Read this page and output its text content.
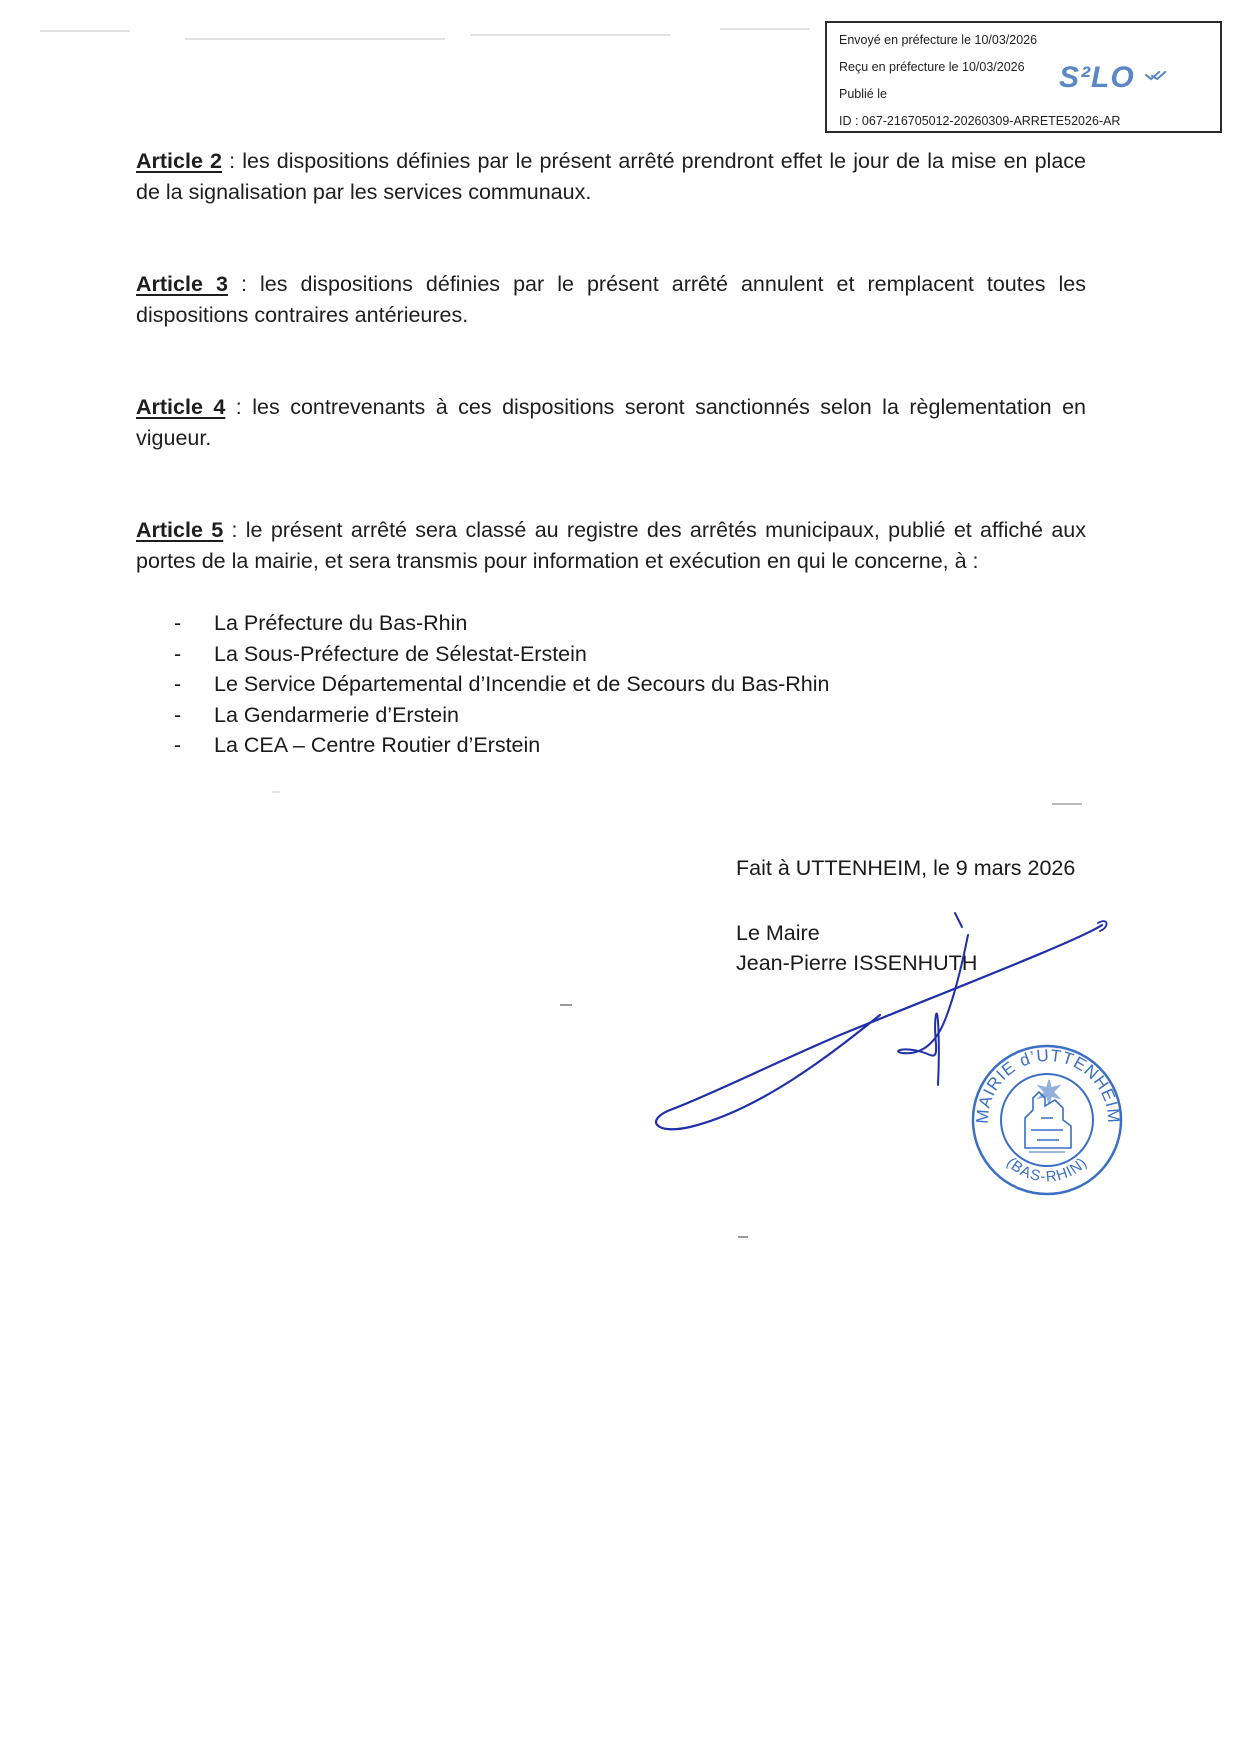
Envoyé en préfecture le 10/03/2026
Reçu en préfecture le 10/03/2026
Publié le
ID : 067-216705012-20260309-ARRETE52026-AR
S²LO

Article 2 : les dispositions définies par le présent arrêté prendront effet le jour de la mise en place de la signalisation par les services communaux.

Article 3 : les dispositions définies par le présent arrêté annulent et remplacent toutes les dispositions contraires antérieures.

Article 4 : les contrevenants à ces dispositions seront sanctionnés selon la règlementation en vigueur.

Article 5 : le présent arrêté sera classé au registre des arrêtés municipaux, publié et affiché aux portes de la mairie, et sera transmis pour information et exécution en qui le concerne, à :

- La Préfecture du Bas-Rhin
- La Sous-Préfecture de Sélestat-Erstein
- Le Service Départemental d’Incendie et de Secours du Bas-Rhin
- La Gendarmerie d’Erstein
- La CEA – Centre Routier d’Erstein
Fait à UTTENHEIM, le 9 mars 2026
Le Maire
Jean-Pierre ISSENHUTH
MAIRIE d’UTTENHEIM
(BAS-RHIN)
